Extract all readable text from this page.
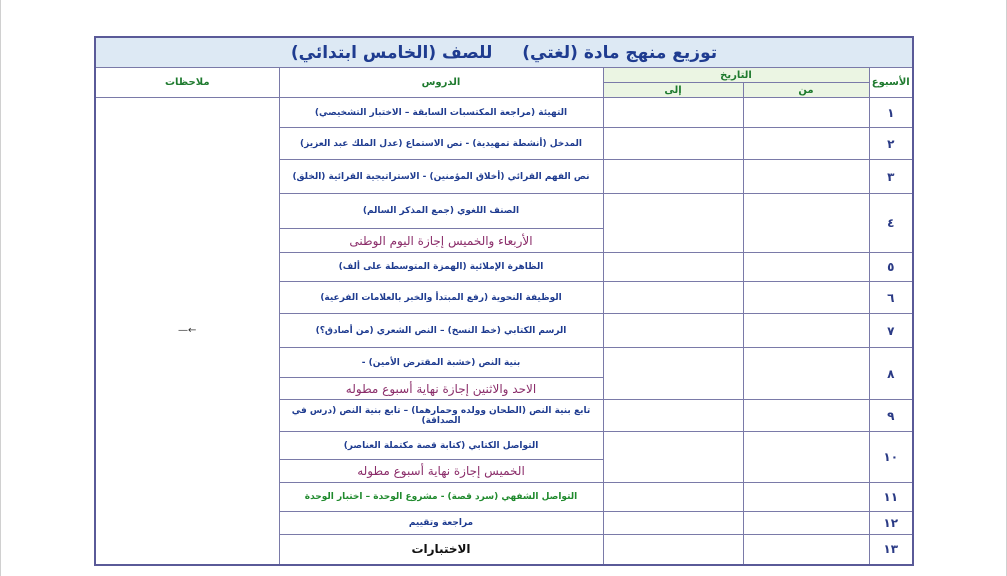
توزيع منهج مادة (لغتي) للصف (الخامس ابتدائي)				
الأسبوع	التاريخ		الدروس	ملاحظات
	من	إلى		
١			التهيئة (مراجعة المكتسبات السابقة – الاختبار التشخيصي)	←—
٢			المدخل (أنشطة تمهيدية) - نص الاستماع (عدل الملك عبد العزيز)	
٣			نص الفهم القرائي (أخلاق المؤمنين) - الاستراتيجية القرائية (الخلق)	
٤			الصنف اللغوي (جمع المذكر السالم)	
			الأربعاء والخميس إجازة اليوم الوطنى	
٥			الظاهرة الإملائية (الهمزة المتوسطة على ألف)	
٦			الوظيفة النحوية (رفع المبتدأ والخبر بالعلامات الفرعية)	
٧			الرسم الكتابي (خط النسخ) – النص الشعري (من أصادق؟)	
٨			بنية النص (خشبة المقترض الأمين) -	
			الاحد والاثنين إجازة نهاية أسبوع مطوله	
٩			تابع بنية النص (الطحان وولده وحمارهما) – تابع بنية النص (درس في الصداقة)	
١٠			التواصل الكتابي (كتابة قصة مكتملة العناصر)	
			الخميس إجازة نهاية أسبوع مطوله	
١١			التواصل الشفهي (سرد قصة) - مشروع الوحدة – اختبار الوحدة	
١٢			مراجعة وتقييم	
١٣			الاختبارات	
